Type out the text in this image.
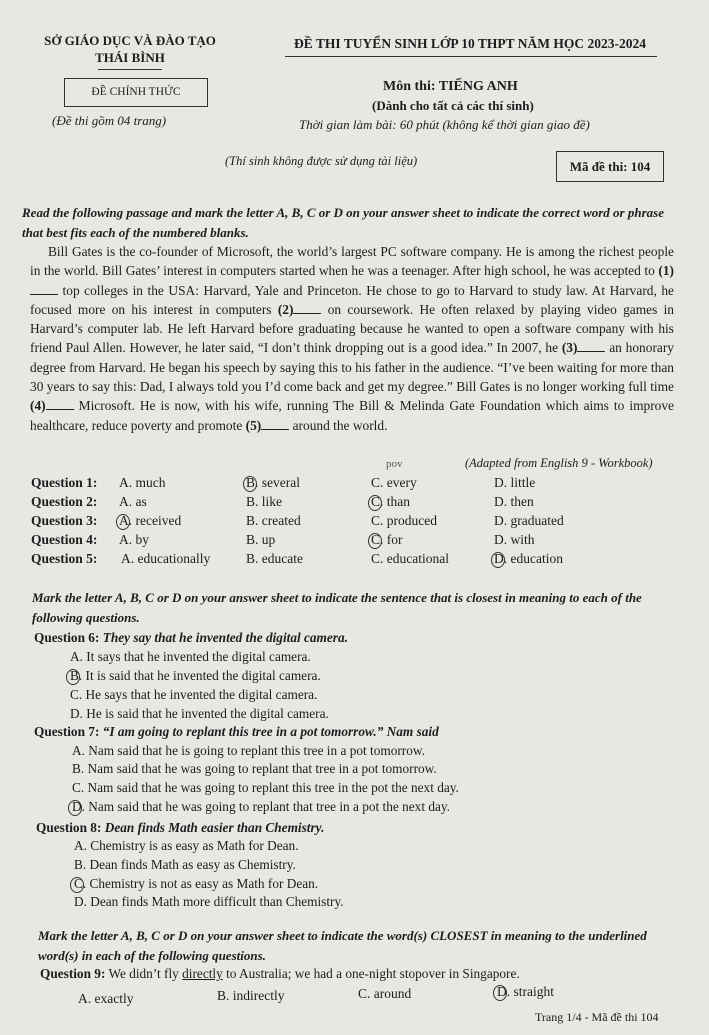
SỞ GIÁO DỤC VÀ ĐÀO TẠO
THÁI BÌNH
ĐỀ THI TUYỂN SINH LỚP 10 THPT NĂM HỌC 2023-2024
ĐỀ CHÍNH THỨC
(Đề thi gồm 04 trang)
Môn thi: TIẾNG ANH
(Dành cho tất cả các thí sinh)
Thời gian làm bài: 60 phút (không kể thời gian giao đề)
(Thí sinh không được sử dụng tài liệu)	Mã đề thi: 104
Read the following passage and mark the letter A, B, C or D on your answer sheet to indicate the correct word or phrase that best fits each of the numbered blanks.

Bill Gates is the co-founder of Microsoft, the world’s largest PC software company. He is among the richest people in the world. Bill Gates’ interest in computers started when he was a teenager. After high school, he was accepted to (1) top colleges in the USA: Harvard, Yale and Princeton. He chose to go to Harvard to study law. At Harvard, he focused more on his interest in computers (2) on coursework. He often relaxed by playing video games in Harvard’s computer lab. He left Harvard before graduating because he wanted to open a software company with his friend Paul Allen. However, he later said, “I don’t think dropping out is a good idea.” In 2007, he (3) an honorary degree from Harvard. He began his speech by saying this to his father in the audience. “I’ve been waiting for more than 30 years to say this: Dad, I always told you I’d come back and get my degree.” Bill Gates is no longer working full time (4) Microsoft. He is now, with his wife, running The Bill & Melinda Gate Foundation which aims to improve healthcare, reduce poverty and promote (5) around the world.

pov	(Adapted from English 9 - Workbook)
Question 1: A. much	B. several	C. every	D. little
Question 2: A. as	B. like	C. than	D. then
Question 3: A. received	B. created	C. produced	D. graduated
Question 4: A. by	B. up	C. for	D. with
Question 5: A. educationally	B. educate	C. educational	D. education
Mark the letter A, B, C or D on your answer sheet to indicate the sentence that is closest in meaning to each of the following questions.
Question 6: They say that he invented the digital camera.
A. It says that he invented the digital camera.
B. It is said that he invented the digital camera.
C. He says that he invented the digital camera.
D. He is said that he invented the digital camera.
Question 7: “I am going to replant this tree in a pot tomorrow.” Nam said
A. Nam said that he is going to replant this tree in a pot tomorrow.
B. Nam said that he was going to replant that tree in a pot tomorrow.
C. Nam said that he was going to replant this tree in the pot the next day.
D. Nam said that he was going to replant that tree in a pot the next day.
Question 8: Dean finds Math easier than Chemistry.
A. Chemistry is as easy as Math for Dean.
B. Dean finds Math as easy as Chemistry.
C. Chemistry is not as easy as Math for Dean.
D. Dean finds Math more difficult than Chemistry.
Mark the letter A, B, C or D on your answer sheet to indicate the word(s) CLOSEST in meaning to the underlined word(s) in each of the following questions.
Question 9: We didn’t fly directly to Australia; we had a one-night stopover in Singapore.
A. exactly	B. indirectly	C. around	D. straight
Trang 1/4 - Mã đề thi 104
